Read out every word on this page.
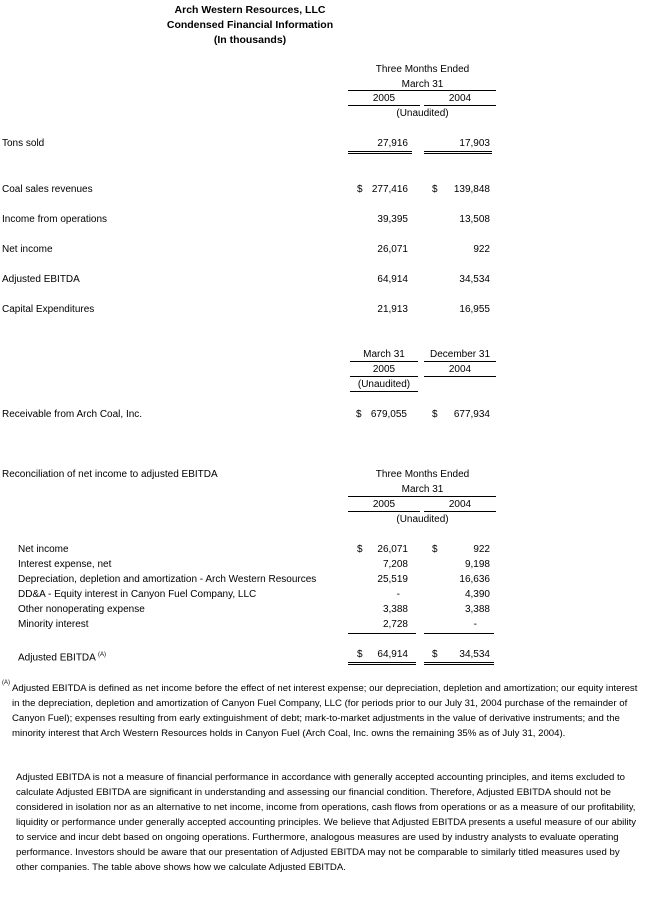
Arch Western Resources, LLC
Condensed Financial Information
(In thousands)
Three Months Ended
March 31
2005	2004
(Unaudited)
Tons sold	27,916	17,903
Coal sales revenues	$ 277,416 $	139,848
Income from operations	39,395	13,508
Net income	26,071	922
Adjusted EBITDA	64,914	34,534
Capital Expenditures	21,913	16,955
March 31	December 31
2005	2004
(Unaudited)
Receivable from Arch Coal, Inc.	$ 679,055	$	677,934
Reconciliation of net income to adjusted EBITDA	Three Months Ended
March 31
2005	2004
(Unaudited)
Net income	$	26,071 $	922
Interest expense, net	7,208	9,198
Depreciation, depletion and amortization - Arch Western Resources	25,519	16,636
DD&A - Equity interest in Canyon Fuel Company, LLC	-	4,390
Other nonoperating expense	3,388	3,388
Minority interest	2,728	-
Adjusted EBITDA $^{(A)}$	$	64,914 $	34,534
(A) Adjusted EBITDA is defined as net income before the effect of net interest expense; our depreciation, depletion and amortization; our equity interest in the depreciation, depletion and amortization of Canyon Fuel Company, LLC (for periods prior to our July 31, 2004 purchase of the remainder of Canyon Fuel); expenses resulting from early extinguishment of debt; mark-to-market adjustments in the value of derivative instruments; and the minority interest that Arch Western Resources holds in Canyon Fuel (Arch Coal, Inc. owns the remaining 35% as of July 31, 2004).
Adjusted EBITDA is not a measure of financial performance in accordance with generally accepted accounting principles, and items excluded to calculate Adjusted EBITDA are significant in understanding and assessing our financial condition. Therefore, Adjusted EBITDA should not be considered in isolation nor as an alternative to net income, income from operations, cash flows from operations or as a measure of our profitability, liquidity or performance under generally accepted accounting principles. We believe that Adjusted EBITDA presents a useful measure of our ability to service and incur debt based on ongoing operations. Furthermore, analogous measures are used by industry analysts to evaluate operating performance. Investors should be aware that our presentation of Adjusted EBITDA may not be comparable to similarly titled measures used by other companies. The table above shows how we calculate Adjusted EBITDA.
